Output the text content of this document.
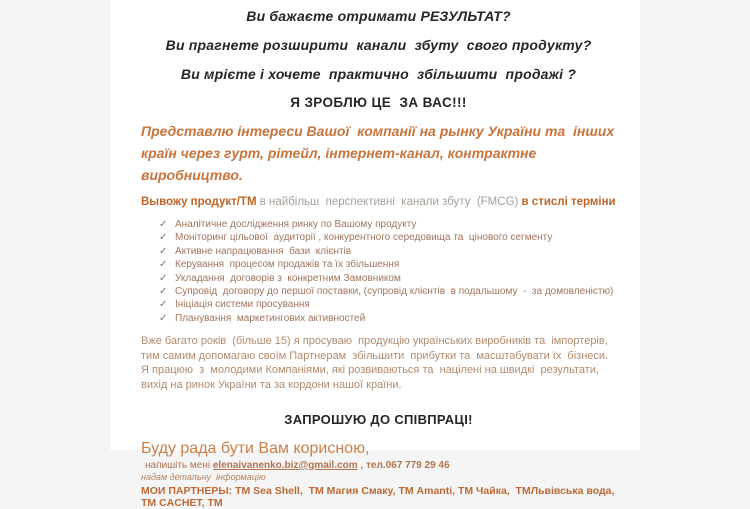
Ви бажаєте отримати РЕЗУЛЬТАТ?
Ви прагнете розширити  канали  збуту  свого продукту?
Ви мрієте і хочете  практично  збільшити  продажі ?
Я ЗРОБЛЮ ЦЕ  ЗА ВАС!!!
Представлю інтереси Вашої  компанії на рынку України та  інших країн через гурт, рітейл, інтернет-канал, контрактне  виробництво.
Вывожу продукт/ТМ в найбільш  перспективні  канали збуту  (FMCG) в стислі терміни
✓ Аналітичне дослідження ринку по Вашому продукту
✓ Моніторинг цільової  аудиторії , конкурентного середовища та  цінового сегменту
✓ Активне напрацювання  бази  клієнтів
✓ Керування  процесом продажів та їх збільшення
✓ Укладання  договорів з  конкретним Замовником
✓ Супровід  договору до першої поставки, (супровід клієнтів  в подальшому  -  за домовленістю)
✓ Ініціація системи просування
✓ Планування  маркетингових активностей
Вже багато років  (більше 15) я просуваю  продукцію українських виробників та  імпортерів,  тим самим допомагаю своїм Партнерам  збільшити  прибутки та  масштабувати їх  бізнеси.
Я працюю  з  молодими Компаніями, які розвиваються та  націлені на швидкі  результати, вихід на ринок України та за кордони нашої країни.
ЗАПРОШУЮ ДО СПІВПРАЦІ!
Буду рада бути Вам корисною,
напишіть мені elenaivanenko.biz@gmail.com , тел.067 779 29 46
надам детальну  інформацію
МОИ ПАРТНЕРЫ: ТМ Sea Shell,  ТМ Магия Смаку, ТМ Amanti, ТМ Чайка,  ТМЛьвівська вода, ТМ CACHET, ТМ
